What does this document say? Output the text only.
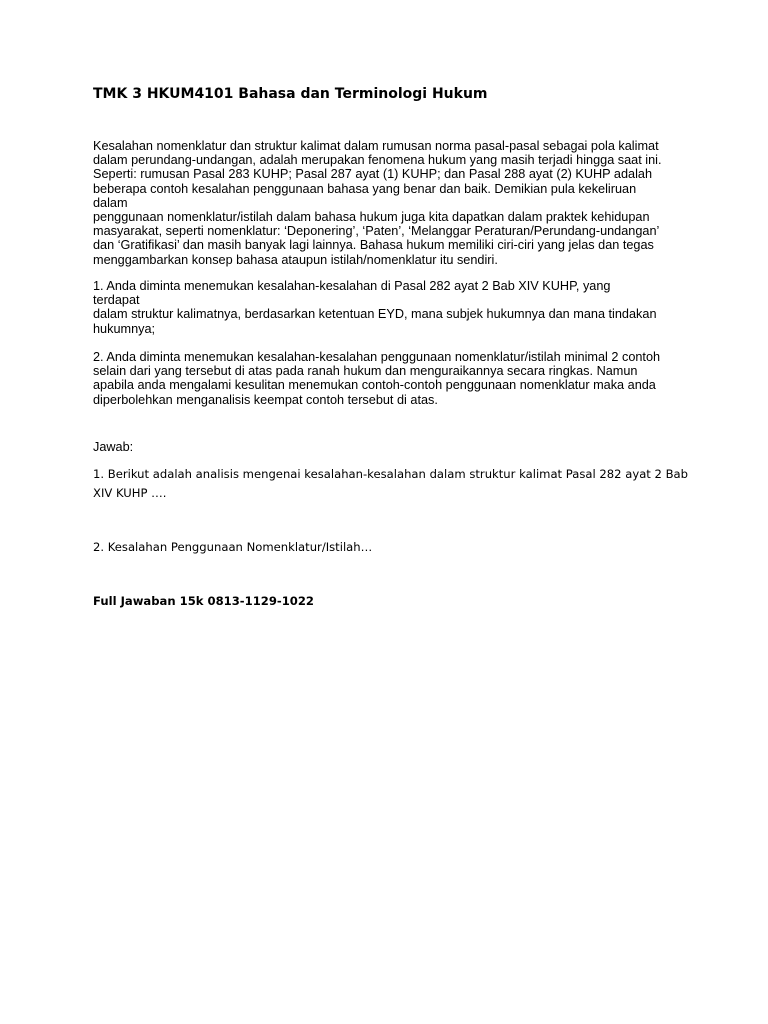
TMK 3 HKUM4101 Bahasa dan Terminologi Hukum
Kesalahan nomenklatur dan struktur kalimat dalam rumusan norma pasal-pasal sebagai pola kalimat
dalam perundang-undangan, adalah merupakan fenomena hukum yang masih terjadi hingga saat ini.
Seperti: rumusan Pasal 283 KUHP; Pasal 287 ayat (1) KUHP; dan Pasal 288 ayat (2) KUHP adalah
beberapa contoh kesalahan penggunaan bahasa yang benar dan baik. Demikian pula kekeliruan
dalam
penggunaan nomenklatur/istilah dalam bahasa hukum juga kita dapatkan dalam praktek kehidupan
masyarakat, seperti nomenklatur: ‘Deponering’, ‘Paten’, ‘Melanggar Peraturan/Perundang-undangan’
dan ‘Gratifikasi’ dan masih banyak lagi lainnya. Bahasa hukum memiliki ciri-ciri yang jelas dan tegas
menggambarkan konsep bahasa ataupun istilah/nomenklatur itu sendiri.
1. Anda diminta menemukan kesalahan-kesalahan di Pasal 282 ayat 2 Bab XIV KUHP, yang
terdapat
dalam struktur kalimatnya, berdasarkan ketentuan EYD, mana subjek hukumnya dan mana tindakan
hukumnya;
2. Anda diminta menemukan kesalahan-kesalahan penggunaan nomenklatur/istilah minimal 2 contoh
selain dari yang tersebut di atas pada ranah hukum dan menguraikannya secara ringkas. Namun
apabila anda mengalami kesulitan menemukan contoh-contoh penggunaan nomenklatur maka anda
diperbolehkan menganalisis keempat contoh tersebut di atas.
Jawab:
1. Berikut adalah analisis mengenai kesalahan-kesalahan dalam struktur kalimat Pasal 282 ayat 2 Bab
XIV KUHP ….
2. Kesalahan Penggunaan Nomenklatur/Istilah…
Full Jawaban 15k 0813-1129-1022
